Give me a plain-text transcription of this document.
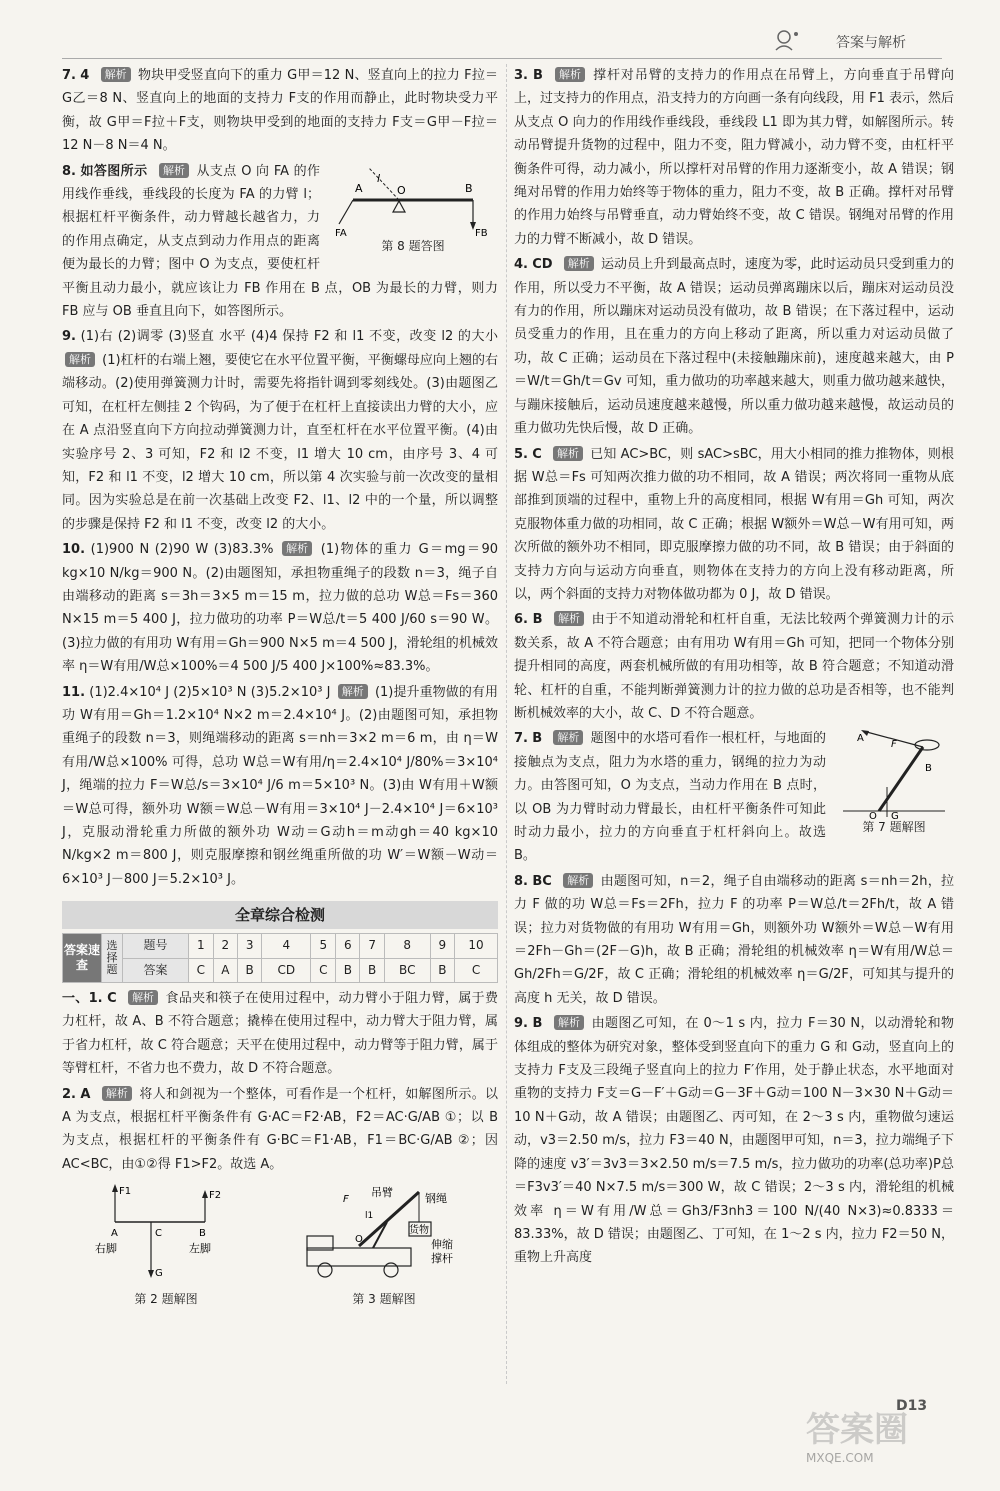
答案与解析
7. 4 解析 物块甲受竖直向下的重力 G甲＝12 N、竖直向上的拉力 F拉＝G乙＝8 N、竖直向上的地面的支持力 F支的作用而静止，此时物块受力平衡，故 G甲＝F拉＋F支，则物块甲受到的地面的支持力 F支＝G甲－F拉＝12 N－8 N＝4 N。
A
l
O	B
FA	FB
第 8 题答图
8. 如答图所示 解析 从支点 O 向 FA 的作用线作垂线，垂线段的长度为 FA 的力臂 l；根据杠杆平衡条件，动力臂越长越省力，力的作用点确定，从支点到动力作用点的距离便为最长的力臂；图中 O 为支点，要使杠杆平衡且动力最小，就应该让力 FB 作用在 B 点，OB 为最长的力臂，则力 FB 应与 OB 垂直且向下，如答图所示。
9. (1)右 (2)调零 (3)竖直 水平 (4)4 保持 F2 和 l1 不变，改变 l2 的大小 解析 (1)杠杆的右端上翘，要使它在水平位置平衡，平衡螺母应向上翘的右端移动。(2)使用弹簧测力计时，需要先将指针调到零刻线处。(3)由题图乙可知，在杠杆左侧挂 2 个钩码，为了便于在杠杆上直接读出力臂的大小，应在 A 点沿竖直向下方向拉动弹簧测力计，直至杠杆在水平位置平衡。(4)由实验序号 2、3 可知，F2 和 l2 不变，l1 增大 10 cm，由序号 3、4 可知，F2 和 l1 不变，l2 增大 10 cm，所以第 4 次实验与前一次改变的量相同。因为实验总是在前一次基础上改变 F2、l1、l2 中的一个量，所以调整的步骤是保持 F2 和 l1 不变，改变 l2 的大小。
10. (1)900 N (2)90 W (3)83.3% 解析 (1)物体的重力 G＝mg＝90 kg×10 N/kg＝900 N。(2)由题图知，承担物重绳子的段数 n＝3，绳子自由端移动的距离 s＝3h＝3×5 m＝15 m，拉力做的总功 W总＝Fs＝360 N×15 m＝5 400 J，拉力做功的功率 P＝W总/t＝5 400 J/60 s＝90 W。(3)拉力做的有用功 W有用＝Gh＝900 N×5 m＝4 500 J，滑轮组的机械效率 η＝W有用/W总×100%＝4 500 J/5 400 J×100%≈83.3%。
11. (1)2.4×10⁴ J (2)5×10³ N (3)5.2×10³ J 解析 (1)提升重物做的有用功 W有用＝Gh＝1.2×10⁴ N×2 m＝2.4×10⁴ J。(2)由题图可知，承担物重绳子的段数 n＝3，则绳端移动的距离 s＝nh＝3×2 m＝6 m，由 η＝W有用/W总×100% 可得，总功 W总＝W有用/η＝2.4×10⁴ J/80%＝3×10⁴ J，绳端的拉力 F＝W总/s＝3×10⁴ J/6 m＝5×10³ N。(3)由 W有用＋W额＝W总可得，额外功 W额＝W总－W有用＝3×10⁴ J－2.4×10⁴ J＝6×10³ J，克服动滑轮重力所做的额外功 W动＝G动h＝m动gh＝40 kg×10 N/kg×2 m＝800 J，则克服摩擦和钢丝绳重所做的功 W′＝W额－W动＝6×10³ J－800 J＝5.2×10³ J。
全章综合检测
答案速查	选择题	题号	1	2	3	4	5	6	7	8	9	10
		答案	C	A	B	CD	C	B	B	BC	B	C
一、1. C 解析 食品夹和筷子在使用过程中，动力臂小于阻力臂，属于费力杠杆，故 A、B 不符合题意；撬棒在使用过程中，动力臂大于阻力臂，属于省力杠杆，故 C 符合题意；天平在使用过程中，动力臂等于阻力臂，属于等臂杠杆，不省力也不费力，故 D 不符合题意。
2. A 解析 将人和剑视为一个整体，可看作是一个杠杆，如解图所示。以 A 为支点，根据杠杆平衡条件有 G·AC＝F2·AB，F2＝AC·G/AB ①；以 B 为支点，根据杠杆的平衡条件有 G·BC＝F1·AB，F1＝BC·G/AB ②；因 AC<BC，由①②得 F1>F2。故选 A。
F1	F2
A	C	B
G
右脚	左脚
第 2 题解图
F
吊臂	钢绳
货物
O
l1
伸缩
撑杆
第 3 题解图
3. B 解析 撑杆对吊臂的支持力的作用点在吊臂上，方向垂直于吊臂向上，过支持力的作用点，沿支持力的方向画一条有向线段，用 F1 表示，然后从支点 O 向力的作用线作垂线段，垂线段 L1 即为其力臂，如解图所示。转动吊臂提升货物的过程中，阻力不变，阻力臂减小，动力臂不变，由杠杆平衡条件可得，动力减小，所以撑杆对吊臂的作用力逐渐变小，故 A 错误；钢绳对吊臂的作用力始终等于物体的重力，阻力不变，故 B 正确。撑杆对吊臂的作用力始终与吊臂垂直，动力臂始终不变，故 C 错误。钢绳对吊臂的作用力的力臂不断减小，故 D 错误。
4. CD 解析 运动员上升到最高点时，速度为零，此时运动员只受到重力的作用，所以受力不平衡，故 A 错误；运动员弹离蹦床以后，蹦床对运动员没有力的作用，所以蹦床对运动员没有做功，故 B 错误；在下落过程中，运动员受重力的作用，且在重力的方向上移动了距离，所以重力对运动员做了功，故 C 正确；运动员在下落过程中(未接触蹦床前)，速度越来越大，由 P＝W/t＝Gh/t＝Gv 可知，重力做功的功率越来越大，则重力做功越来越快，与蹦床接触后，运动员速度越来越慢，所以重力做功越来越慢，故运动员的重力做功先快后慢，故 D 正确。
5. C 解析 已知 AC>BC，则 sAC>sBC，用大小相同的推力推物体，则根据 W总＝Fs 可知两次推力做的功不相同，故 A 错误；两次将同一重物从底部推到顶端的过程中，重物上升的高度相同，根据 W有用＝Gh 可知，两次克服物体重力做的功相同，故 C 正确；根据 W额外＝W总－W有用可知，两次所做的额外功不相同，即克服摩擦力做的功不同，故 B 错误；由于斜面的支持力方向与运动方向垂直，则物体在支持力的方向上没有移动距离，所以，两个斜面的支持力对物体做功都为 0 J，故 D 错误。
6. B 解析 由于不知道动滑轮和杠杆自重，无法比较两个弹簧测力计的示数关系，故 A 不符合题意；由有用功 W有用＝Gh 可知，把同一个物体分别提升相同的高度，两套机械所做的有用功相等，故 B 符合题意；不知道动滑轮、杠杆的自重，不能判断弹簧测力计的拉力做的总功是否相等，也不能判断机械效率的大小，故 C、D 不符合题意。
A
F
B
O G
第 7 题解图
7. B 解析 题图中的水塔可看作一根杠杆，与地面的接触点为支点，阻力为水塔的重力，钢绳的拉力为动力。由答图可知，O 为支点，当动力作用在 B 点时，以 OB 为力臂时动力臂最长，由杠杆平衡条件可知此时动力最小，拉力的方向垂直于杠杆斜向上。故选 B。
8. BC 解析 由题图可知，n＝2，绳子自由端移动的距离 s＝nh＝2h，拉力 F 做的功 W总＝Fs＝2Fh，拉力 F 的功率 P＝W总/t＝2Fh/t，故 A 错误；拉力对货物做的有用功 W有用＝Gh，则额外功 W额外＝W总－W有用＝2Fh－Gh＝(2F－G)h，故 B 正确；滑轮组的机械效率 η＝W有用/W总＝Gh/2Fh＝G/2F，故 C 正确；滑轮组的机械效率 η＝G/2F，可知其与提升的高度 h 无关，故 D 错误。
9. B 解析 由题图乙可知，在 0～1 s 内，拉力 F＝30 N，以动滑轮和物体组成的整体为研究对象，整体受到竖直向下的重力 G 和 G动，竖直向上的支持力 F支及三段绳子竖直向上的拉力 F′作用，处于静止状态，水平地面对重物的支持力 F支＝G－F′＋G动＝G－3F＋G动＝100 N－3×30 N＋G动＝10 N＋G动，故 A 错误；由题图乙、丙可知，在 2～3 s 内，重物做匀速运动，v3＝2.50 m/s，拉力 F3＝40 N，由题图甲可知，n＝3，拉力端绳子下降的速度 v3′＝3v3＝3×2.50 m/s＝7.5 m/s，拉力做功的功率(总功率)P总＝F3v3′＝40 N×7.5 m/s＝300 W，故 C 错误；2～3 s 内，滑轮组的机械效率 η＝W有用/W总＝Gh3/F3nh3＝100 N/(40 N×3)≈0.8333＝83.33%，故 D 错误；由题图乙、丁可知，在 1～2 s 内，拉力 F2＝50 N，重物上升高度
D13
答案圈
MXQE.COM
